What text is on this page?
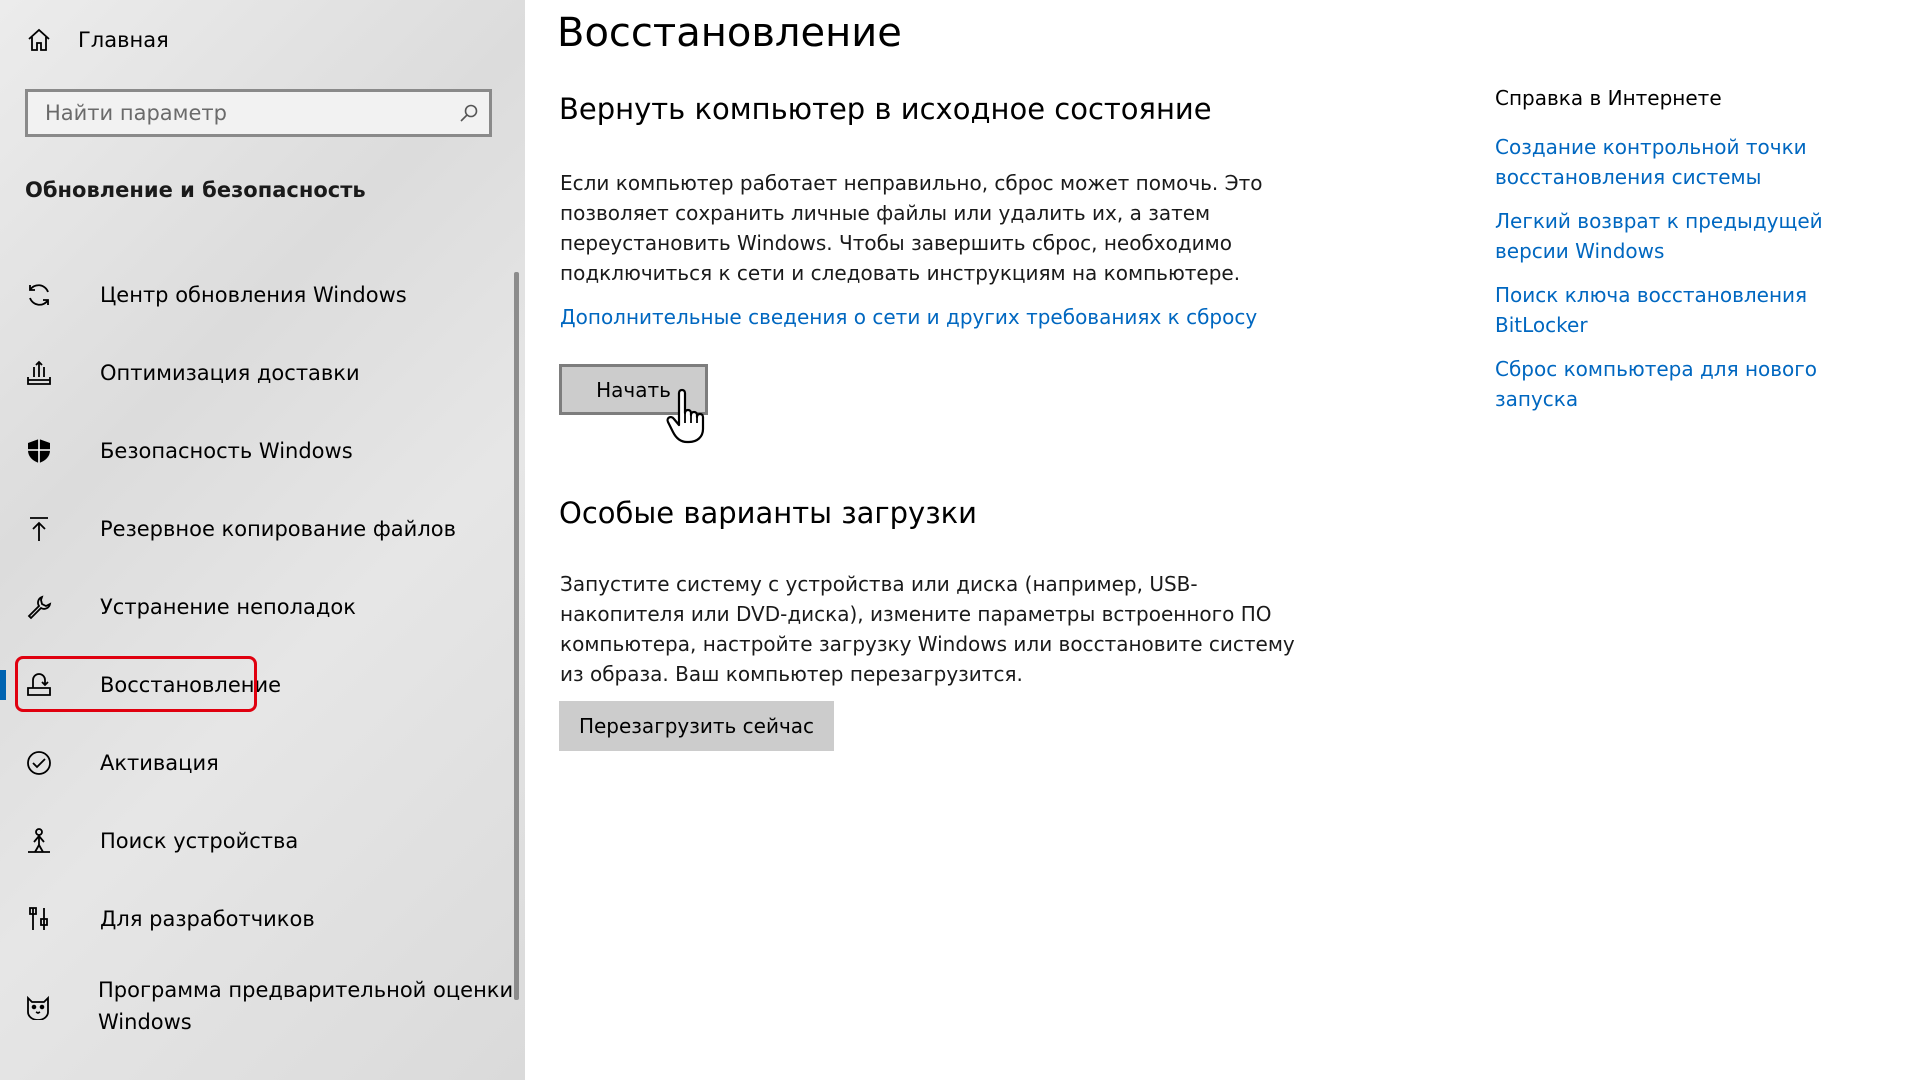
Главная
Найти параметр
Обновление и безопасность
Центр обновления Windows
Оптимизация доставки
Безопасность Windows
Резервное копирование файлов
Устранение неполадок
Восстановление
Активация
Поиск устройства
Для разработчиков
Программа предварительной оценки Windows
Восстановление
Вернуть компьютер в исходное состояние
Если компьютер работает неправильно, сброс может помочь. Это позволяет сохранить личные файлы или удалить их, а затем переустановить Windows. Чтобы завершить сброс, необходимо подключиться к сети и следовать инструкциям на компьютере.
Дополнительные сведения о сети и других требованиях к сбросу
Начать
Особые варианты загрузки
Запустите систему с устройства или диска (например, USB-накопителя или DVD-диска), измените параметры встроенного ПО компьютера, настройте загрузку Windows или восстановите систему из образа. Ваш компьютер перезагрузится.
Перезагрузить сейчас
Справка в Интернете
Создание контрольной точки восстановления системы
Легкий возврат к предыдущей версии Windows
Поиск ключа восстановления BitLocker
Сброс компьютера для нового запуска
